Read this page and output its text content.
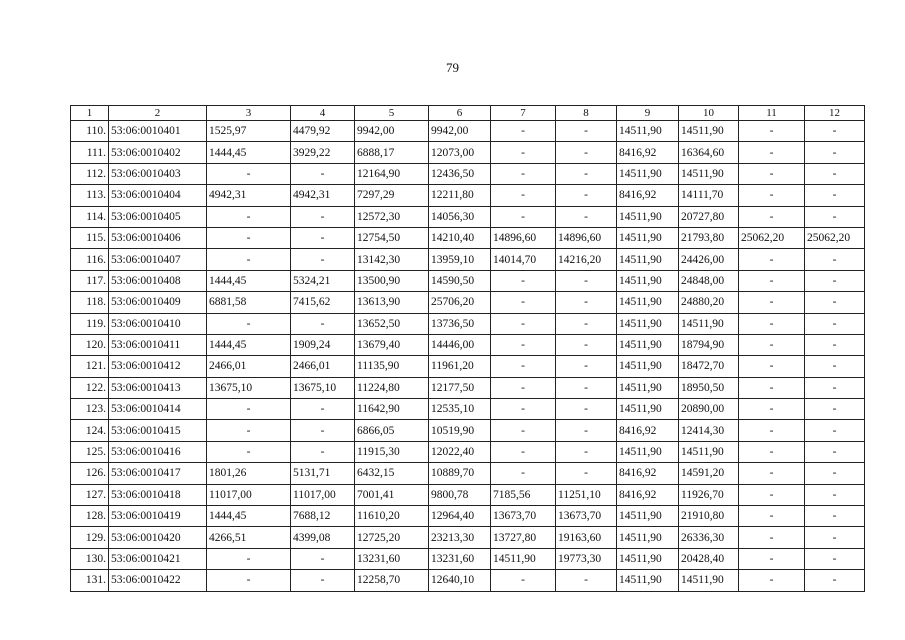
79
1	2	3	4	5	6	7	8	9	10	11	12
110.	53:06:0010401	1525,97	4479,92	9942,00	9942,00	-	-	14511,90	14511,90	-	-
111.	53:06:0010402	1444,45	3929,22	6888,17	12073,00	-	-	8416,92	16364,60	-	-
112.	53:06:0010403	-	-	12164,90	12436,50	-	-	14511,90	14511,90	-	-
113.	53:06:0010404	4942,31	4942,31	7297,29	12211,80	-	-	8416,92	14111,70	-	-
114.	53:06:0010405	-	-	12572,30	14056,30	-	-	14511,90	20727,80	-	-
115.	53:06:0010406	-	-	12754,50	14210,40	14896,60	14896,60	14511,90	21793,80	25062,20	25062,20
116.	53:06:0010407	-	-	13142,30	13959,10	14014,70	14216,20	14511,90	24426,00	-	-
117.	53:06:0010408	1444,45	5324,21	13500,90	14590,50	-	-	14511,90	24848,00	-	-
118.	53:06:0010409	6881,58	7415,62	13613,90	25706,20	-	-	14511,90	24880,20	-	-
119.	53:06:0010410	-	-	13652,50	13736,50	-	-	14511,90	14511,90	-	-
120.	53:06:0010411	1444,45	1909,24	13679,40	14446,00	-	-	14511,90	18794,90	-	-
121.	53:06:0010412	2466,01	2466,01	11135,90	11961,20	-	-	14511,90	18472,70	-	-
122.	53:06:0010413	13675,10	13675,10	11224,80	12177,50	-	-	14511,90	18950,50	-	-
123.	53:06:0010414	-	-	11642,90	12535,10	-	-	14511,90	20890,00	-	-
124.	53:06:0010415	-	-	6866,05	10519,90	-	-	8416,92	12414,30	-	-
125.	53:06:0010416	-	-	11915,30	12022,40	-	-	14511,90	14511,90	-	-
126.	53:06:0010417	1801,26	5131,71	6432,15	10889,70	-	-	8416,92	14591,20	-	-
127.	53:06:0010418	11017,00	11017,00	7001,41	9800,78	7185,56	11251,10	8416,92	11926,70	-	-
128.	53:06:0010419	1444,45	7688,12	11610,20	12964,40	13673,70	13673,70	14511,90	21910,80	-	-
129.	53:06:0010420	4266,51	4399,08	12725,20	23213,30	13727,80	19163,60	14511,90	26336,30	-	-
130.	53:06:0010421	-	-	13231,60	13231,60	14511,90	19773,30	14511,90	20428,40	-	-
131.	53:06:0010422	-	-	12258,70	12640,10	-	-	14511,90	14511,90	-	-
